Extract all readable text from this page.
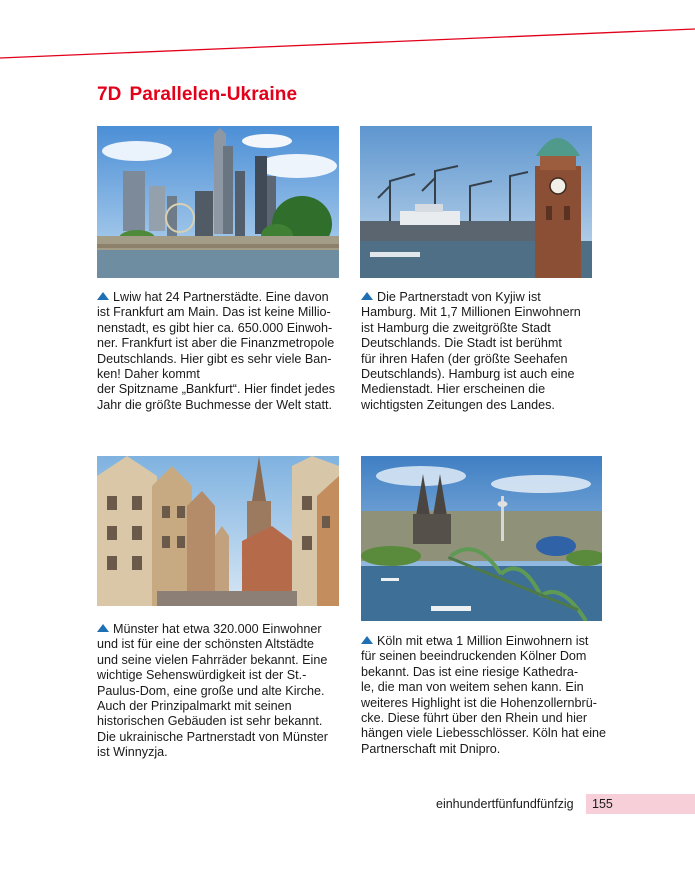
7D Parallelen-Ukraine
Lwiw hat 24 Partnerstädte. Eine davon
ist Frankfurt am Main. Das ist keine Millio-
nenstadt, es gibt hier ca. 650.000 Einwoh-
ner. Frankfurt ist aber die Finanzmetropole
Deutschlands. Hier gibt es sehr viele Ban-
ken! Daher kommt
der Spitzname „Bankfurt“. Hier findet jedes
Jahr die größte Buchmesse der Welt statt.
Die Partnerstadt von Kyjiw ist
Hamburg. Mit 1,7 Millionen Einwohnern
ist Hamburg die zweitgrößte Stadt
Deutschlands. Die Stadt ist berühmt
für ihren Hafen (der größte Seehafen
Deutschlands). Hamburg ist auch eine
Medienstadt. Hier erscheinen die
wichtigsten Zeitungen des Landes.
Münster hat etwa 320.000 Einwohner
und ist für eine der schönsten Altstädte
und seine vielen Fahrräder bekannt. Eine
wichtige Sehenswürdigkeit ist der St.-
Paulus-Dom, eine große und alte Kirche.
Auch der Prinzipalmarkt mit seinen
historischen Gebäuden ist sehr bekannt.
Die ukrainische Partnerstadt von Münster
ist Winnyzja.
Köln mit etwa 1 Million Einwohnern ist
für seinen beeindruckenden Kölner Dom
bekannt. Das ist eine riesige Kathedra-
le, die man von weitem sehen kann. Ein
weiteres Highlight ist die Hohenzollernbrü-
cke. Diese führt über den Rhein und hier
hängen viele Liebesschlösser. Köln hat eine
Partnerschaft mit Dnipro.
einhundertfünfundfünfzig 155
